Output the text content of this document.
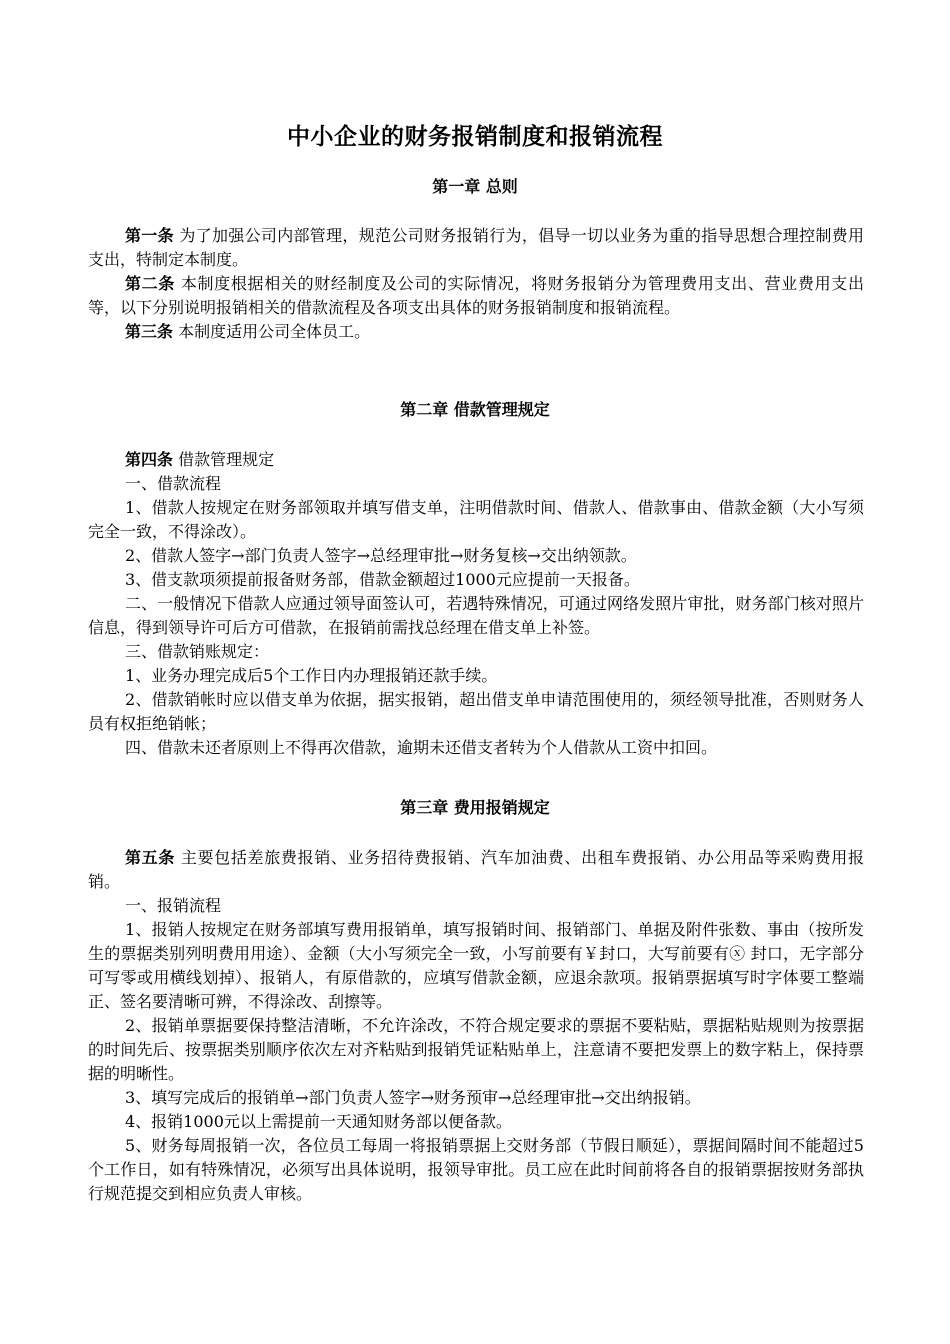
中小企业的财务报销制度和报销流程
第一章 总则

第一条 为了加强公司内部管理，规范公司财务报销行为，倡导一切以业务为重的指导思想合理控制费用支出，特制定本制度。

第二条 本制度根据相关的财经制度及公司的实际情况，将财务报销分为管理费用支出、营业费用支出等，以下分别说明报销相关的借款流程及各项支出具体的财务报销制度和报销流程。

第三条 本制度适用公司全体员工。

第二章 借款管理规定

第四条 借款管理规定

一、借款流程

1、借款人按规定在财务部领取并填写借支单，注明借款时间、借款人、借款事由、借款金额（大小写须完全一致，不得涂改）。

2、借款人签字→部门负责人签字→总经理审批→财务复核→交出纳领款。

3、借支款项须提前报备财务部，借款金额超过1000元应提前一天报备。

二、一般情况下借款人应通过领导面签认可，若遇特殊情况，可通过网络发照片审批，财务部门核对照片信息，得到领导许可后方可借款，在报销前需找总经理在借支单上补签。

三、借款销账规定：

1、业务办理完成后5个工作日内办理报销还款手续。

2、借款销帐时应以借支单为依据，据实报销，超出借支单申请范围使用的，须经领导批准，否则财务人员有权拒绝销帐；

四、借款未还者原则上不得再次借款，逾期未还借支者转为个人借款从工资中扣回。

第三章 费用报销规定

第五条 主要包括差旅费报销、业务招待费报销、汽车加油费、出租车费报销、办公用品等采购费用报销。

一、报销流程

1、报销人按规定在财务部填写费用报销单，填写报销时间、报销部门、单据及附件张数、事由（按所发生的票据类别列明费用用途）、金额（大小写须完全一致，小写前要有￥封口，大写前要有ⓧ 封口，无字部分可写零或用横线划掉）、报销人，有原借款的，应填写借款金额，应退余款项。报销票据填写时字体要工整端正、签名要清晰可辨，不得涂改、刮擦等。

2、报销单票据要保持整洁清晰，不允许涂改，不符合规定要求的票据不要粘贴，票据粘贴规则为按票据的时间先后、按票据类别顺序依次左对齐粘贴到报销凭证粘贴单上，注意请不要把发票上的数字粘上，保持票据的明晰性。

3、填写完成后的报销单→部门负责人签字→财务预审→总经理审批→交出纳报销。

4、报销1000元以上需提前一天通知财务部以便备款。

5、财务每周报销一次，各位员工每周一将报销票据上交财务部（节假日顺延），票据间隔时间不能超过5个工作日，如有特殊情况，必须写出具体说明，报领导审批。员工应在此时间前将各自的报销票据按财务部执行规范提交到相应负责人审核。
